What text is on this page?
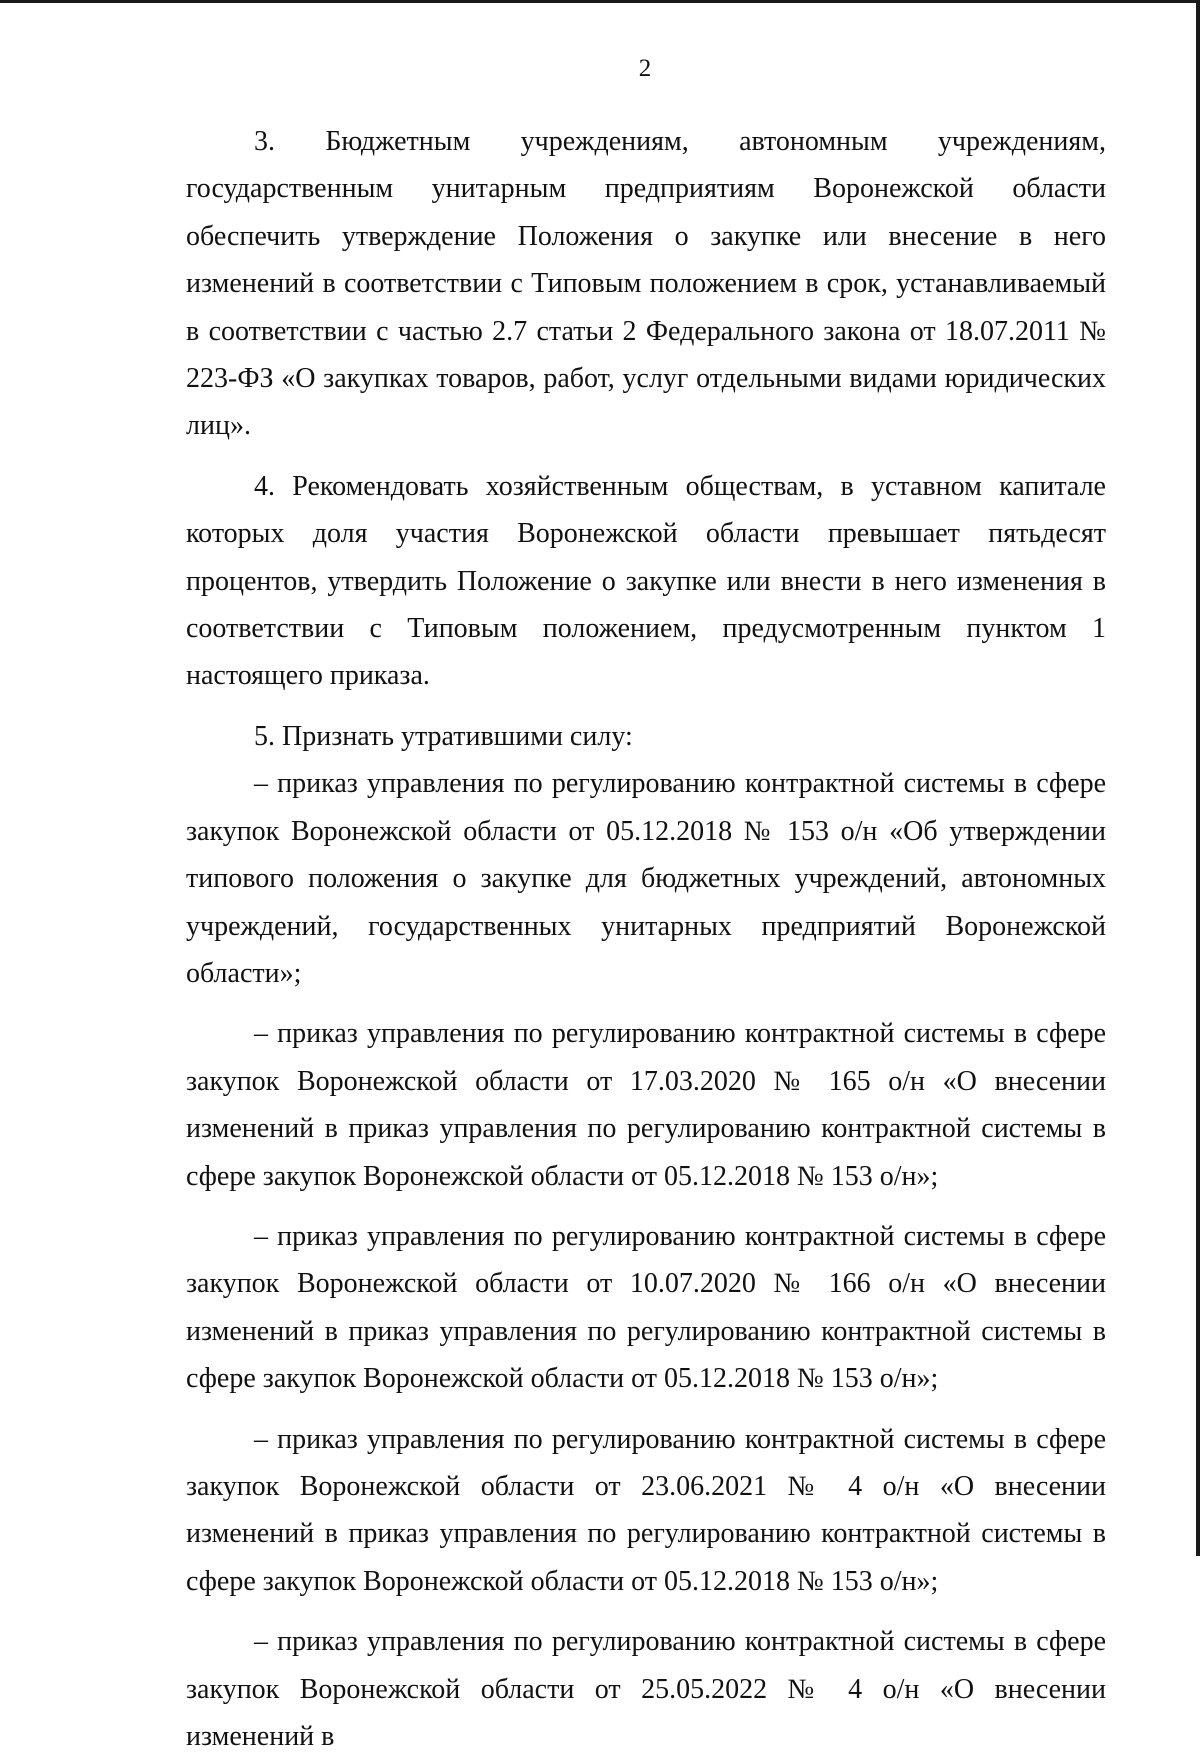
2

3. Бюджетным учреждениям, автономным учреждениям, государственным унитарным предприятиям Воронежской области обеспечить утверждение Положения о закупке или внесение в него изменений в соответствии с Типовым положением в срок, устанавливаемый в соответствии с частью 2.7 статьи 2 Федерального закона от 18.07.2011 № 223-ФЗ «О закупках товаров, работ, услуг отдельными видами юридических лиц».

4. Рекомендовать хозяйственным обществам, в уставном капитале которых доля участия Воронежской области превышает пятьдесят процентов, утвердить Положение о закупке или внести в него изменения в соответствии с Типовым положением, предусмотренным пунктом 1 настоящего приказа.

5. Признать утратившими силу:

– приказ управления по регулированию контрактной системы в сфере закупок Воронежской области от 05.12.2018 № 153 о/н «Об утверждении типового положения о закупке для бюджетных учреждений, автономных учреждений, государственных унитарных предприятий Воронежской области»;

– приказ управления по регулированию контрактной системы в сфере закупок Воронежской области от 17.03.2020 № 165 о/н «О внесении изменений в приказ управления по регулированию контрактной системы в сфере закупок Воронежской области от 05.12.2018 № 153 о/н»;

– приказ управления по регулированию контрактной системы в сфере закупок Воронежской области от 10.07.2020 № 166 о/н «О внесении изменений в приказ управления по регулированию контрактной системы в сфере закупок Воронежской области от 05.12.2018 № 153 о/н»;

– приказ управления по регулированию контрактной системы в сфере закупок Воронежской области от 23.06.2021 № 4 о/н «О внесении изменений в приказ управления по регулированию контрактной системы в сфере закупок Воронежской области от 05.12.2018 № 153 о/н»;

– приказ управления по регулированию контрактной системы в сфере закупок Воронежской области от 25.05.2022 № 4 о/н «О внесении изменений в
